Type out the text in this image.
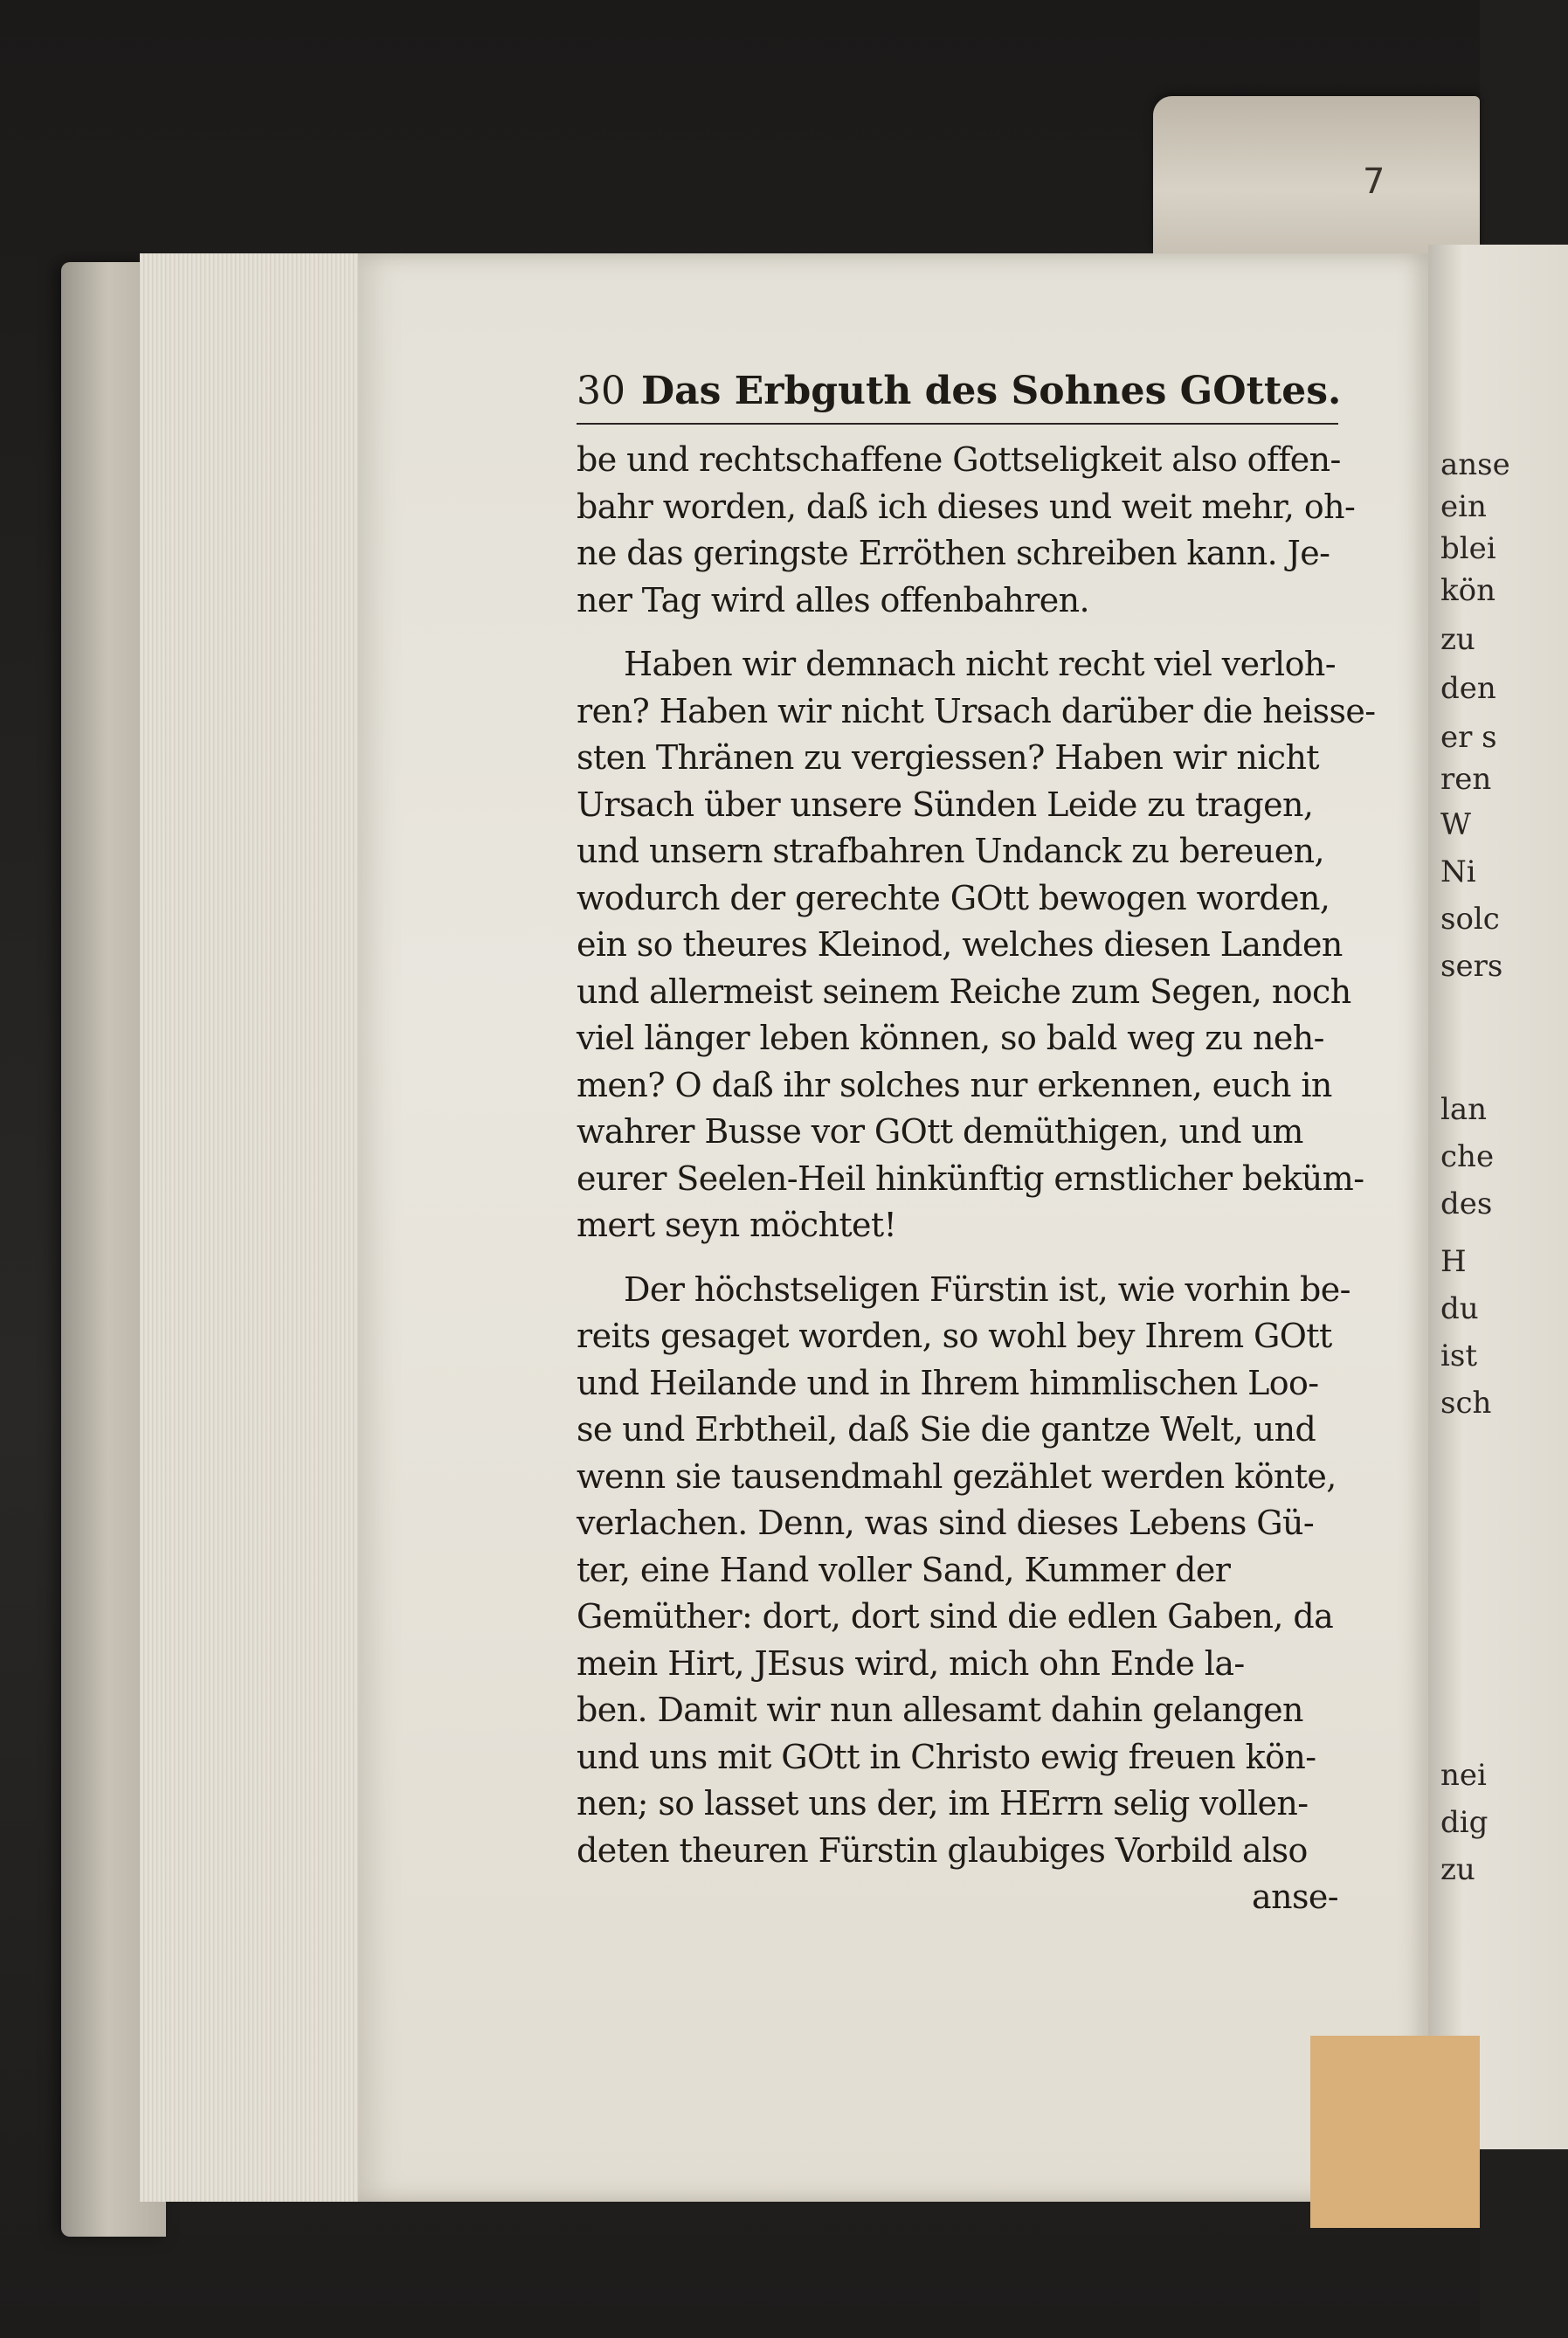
7
anse
ein
blei
kön
zu
den
er s
ren
W
Ni
solc
sers
lan
che
des
H
du
ist
sch
nei
dig
zu
30 Das Erbguth des Sohnes GOttes.
be und rechtschaffene Gottseligkeit also offen-
bahr worden, daß ich dieses und weit mehr, oh-
ne das geringste Erröthen schreiben kann. Je-
ner Tag wird alles offenbahren.
Haben wir demnach nicht recht viel verloh-
ren? Haben wir nicht Ursach darüber die heisse-
sten Thränen zu vergiessen? Haben wir nicht
Ursach über unsere Sünden Leide zu tragen,
und unsern strafbahren Undanck zu bereuen,
wodurch der gerechte GOtt bewogen worden,
ein so theures Kleinod, welches diesen Landen
und allermeist seinem Reiche zum Segen, noch
viel länger leben können, so bald weg zu neh-
men? O daß ihr solches nur erkennen, euch in
wahrer Busse vor GOtt demüthigen, und um
eurer Seelen-Heil hinkünftig ernstlicher beküm-
mert seyn möchtet!
Der höchstseligen Fürstin ist, wie vorhin be-
reits gesaget worden, so wohl bey Ihrem GOtt
und Heilande und in Ihrem himmlischen Loo-
se und Erbtheil, daß Sie die gantze Welt, und
wenn sie tausendmahl gezählet werden könte,
verlachen. Denn, was sind dieses Lebens Gü-
ter, eine Hand voller Sand, Kummer der
Gemüther: dort, dort sind die edlen Gaben, da
mein Hirt, JEsus wird, mich ohn Ende la-
ben. Damit wir nun allesamt dahin gelangen
und uns mit GOtt in Christo ewig freuen kön-
nen; so lasset uns der, im HErrn selig vollen-
deten theuren Fürstin glaubiges Vorbild also
anse-
